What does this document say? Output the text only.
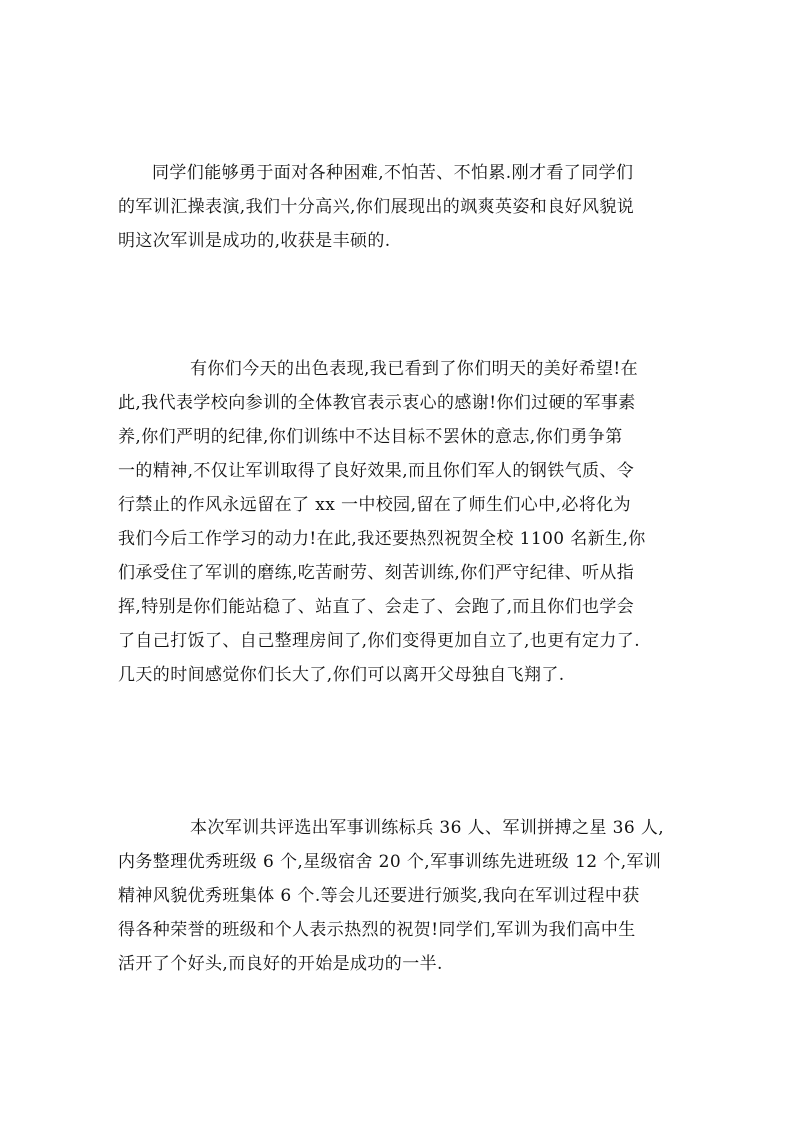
同学们能够勇于面对各种困难,不怕苦、不怕累.刚才看了同学们
的军训汇操表演,我们十分高兴,你们展现出的飒爽英姿和良好风貌说
明这次军训是成功的,收获是丰硕的.
有你们今天的出色表现,我已看到了你们明天的美好希望!在
此,我代表学校向参训的全体教官表示衷心的感谢!你们过硬的军事素
养,你们严明的纪律,你们训练中不达目标不罢休的意志,你们勇争第
一的精神,不仅让军训取得了良好效果,而且你们军人的钢铁气质、令
行禁止的作风永远留在了 xx 一中校园,留在了师生们心中,必将化为
我们今后工作学习的动力!在此,我还要热烈祝贺全校 1100 名新生,你
们承受住了军训的磨练,吃苦耐劳、刻苦训练,你们严守纪律、听从指
挥,特别是你们能站稳了、站直了、会走了、会跑了,而且你们也学会
了自己打饭了、自己整理房间了,你们变得更加自立了,也更有定力了.
几天的时间感觉你们长大了,你们可以离开父母独自飞翔了.
本次军训共评选出军事训练标兵 36 人、军训拼搏之星 36 人,
内务整理优秀班级 6 个,星级宿舍 20 个,军事训练先进班级 12 个,军训
精神风貌优秀班集体 6 个.等会儿还要进行颁奖,我向在军训过程中获
得各种荣誉的班级和个人表示热烈的祝贺!同学们,军训为我们高中生
活开了个好头,而良好的开始是成功的一半.
